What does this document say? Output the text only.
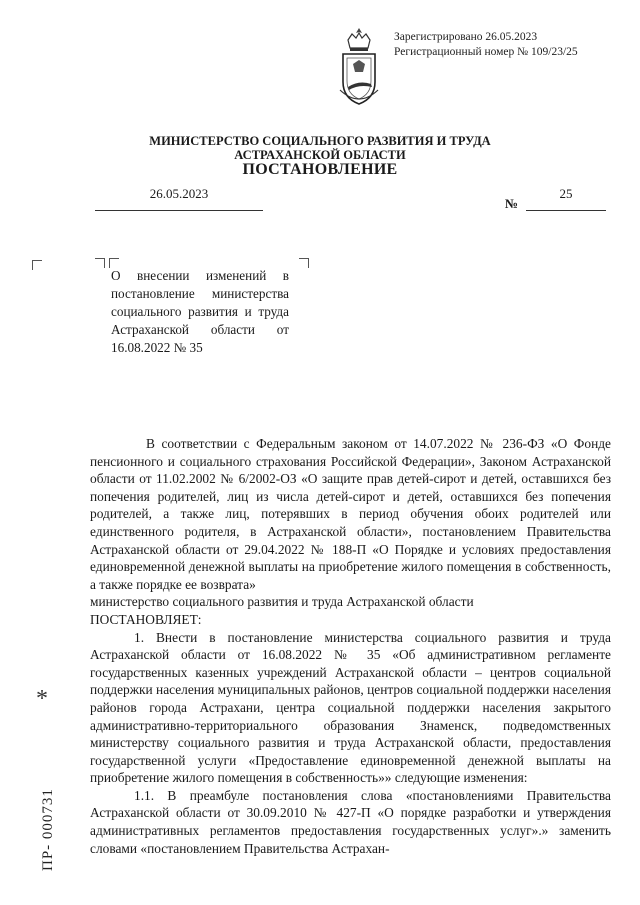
Зарегистрировано 26.05.2023
Регистрационный номер № 109/23/25
МИНИСТЕРСТВО СОЦИАЛЬНОГО РАЗВИТИЯ И ТРУДА
АСТРАХАНСКОЙ ОБЛАСТИ
ПОСТАНОВЛЕНИЕ
26.05.2023
№
25
О внесении изменений в постановление министерства социального развития и труда Астраханской области от 16.08.2022 № 35

В соответствии с Федеральным законом от 14.07.2022 № 236-ФЗ «О Фонде пенсионного и социального страхования Российской Федерации», Законом Астраханской области от 11.02.2002 № 6/2002-ОЗ «О защите прав детей-сирот и детей, оставшихся без попечения родителей, лиц из числа детей-сирот и детей, оставшихся без попечения родителей, а также лиц, потерявших в период обучения обоих родителей или единственного родителя, в Астраханской области», постановлением Правительства Астраханской области от 29.04.2022 № 188-П «О Порядке и условиях предоставления единовременной денежной выплаты на приобретение жилого помещения в собственность, а также порядке ее возврата»

министерство социального развития и труда Астраханской области

ПОСТАНОВЛЯЕТ:

1. Внести в постановление министерства социального развития и труда Астраханской области от 16.08.2022 № 35 «Об административном регламенте государственных казенных учреждений Астраханской области – центров социальной поддержки населения муниципальных районов, центров социальной поддержки населения районов города Астрахани, центра социальной поддержки населения закрытого административно-территориального образования Знаменск, подведомственных министерству социального развития и труда Астраханской области, предоставления государственной услуги «Предоставление единовременной денежной выплаты на приобретение жилого помещения в собственность»» следующие изменения:

1.1. В преамбуле постановления слова «постановлениями Правительства Астраханской области от 30.09.2010 № 427-П «О порядке разработки и утверждения административных регламентов предоставления государственных услуг».» заменить словами «постановлением Правительства Астрахан-

*
ПР- 000731
